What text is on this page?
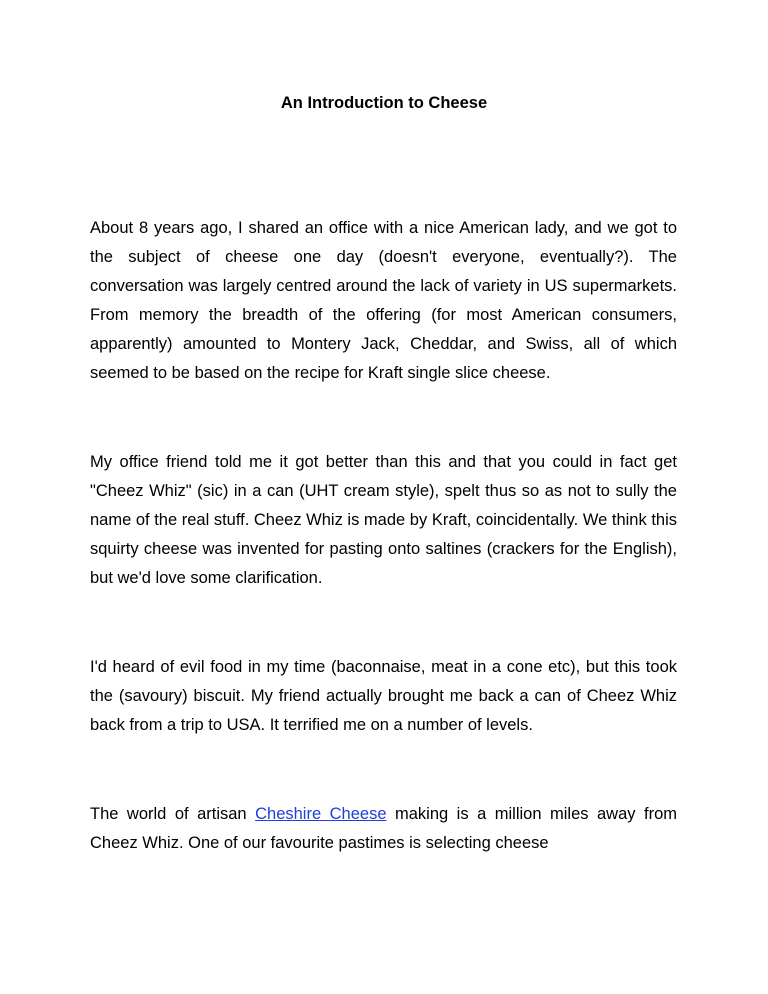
An Introduction to Cheese

About 8 years ago, I shared an office with a nice American lady, and we got to the subject of cheese one day (doesn't everyone, eventually?). The conversation was largely centred around the lack of variety in US supermarkets. From memory the breadth of the offering (for most American consumers, apparently) amounted to Montery Jack, Cheddar, and Swiss, all of which seemed to be based on the recipe for Kraft single slice cheese.

My office friend told me it got better than this and that you could in fact get "Cheez Whiz" (sic) in a can (UHT cream style), spelt thus so as not to sully the name of the real stuff. Cheez Whiz is made by Kraft, coincidentally. We think this squirty cheese was invented for pasting onto saltines (crackers for the English), but we'd love some clarification.

I'd heard of evil food in my time (baconnaise, meat in a cone etc), but this took the (savoury) biscuit. My friend actually brought me back a can of Cheez Whiz back from a trip to USA. It terrified me on a number of levels.

The world of artisan Cheshire Cheese making is a million miles away from Cheez Whiz. One of our favourite pastimes is selecting cheese
